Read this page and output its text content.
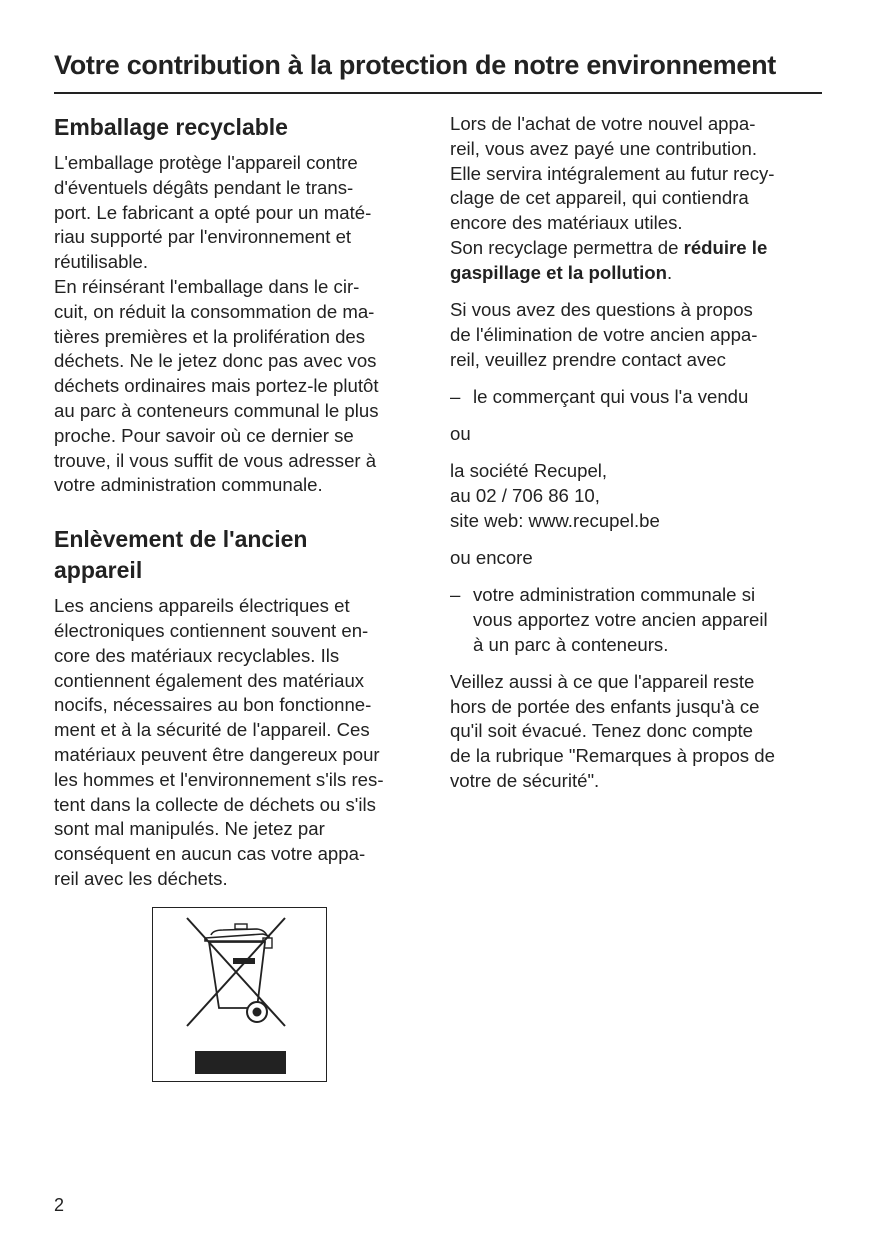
Votre contribution à la protection de notre environnement
Emballage recyclable

L'emballage protège l'appareil contre
d'éventuels dégâts pendant le trans-
port. Le fabricant a opté pour un maté-
riau supporté par l'environnement et
réutilisable.
En réinsérant l'emballage dans le cir-
cuit, on réduit la consommation de ma-
tières premières et la prolifération des
déchets. Ne le jetez donc pas avec vos
déchets ordinaires mais portez-le plutôt
au parc à conteneurs communal le plus
proche. Pour savoir où ce dernier se
trouve, il vous suffit de vous adresser à
votre administration communale.

Enlèvement de l'ancien
appareil

Les anciens appareils électriques et
électroniques contiennent souvent en-
core des matériaux recyclables. Ils
contiennent également des matériaux
nocifs, nécessaires au bon fonctionne-
ment et à la sécurité de l'appareil. Ces
matériaux peuvent être dangereux pour
les hommes et l'environnement s'ils res-
tent dans la collecte de déchets ou s'ils
sont mal manipulés. Ne jetez par
conséquent en aucun cas votre appa-
reil avec les déchets.

Lors de l'achat de votre nouvel appa-
reil, vous avez payé une contribution.
Elle servira intégralement au futur recy-
clage de cet appareil, qui contiendra
encore des matériaux utiles.
Son recyclage permettra de réduire le
gaspillage et la pollution.

Si vous avez des questions à propos
de l'élimination de votre ancien appa-
reil, veuillez prendre contact avec

– le commerçant qui vous l'a vendu

ou

la société Recupel,
au 02 / 706 86 10,
site web: www.recupel.be

ou encore

– votre administration communale si
vous apportez votre ancien appareil
à un parc à conteneurs.

Veillez aussi à ce que l'appareil reste
hors de portée des enfants jusqu'à ce
qu'il soit évacué. Tenez donc compte
de la rubrique "Remarques à propos de
votre de sécurité".

2
